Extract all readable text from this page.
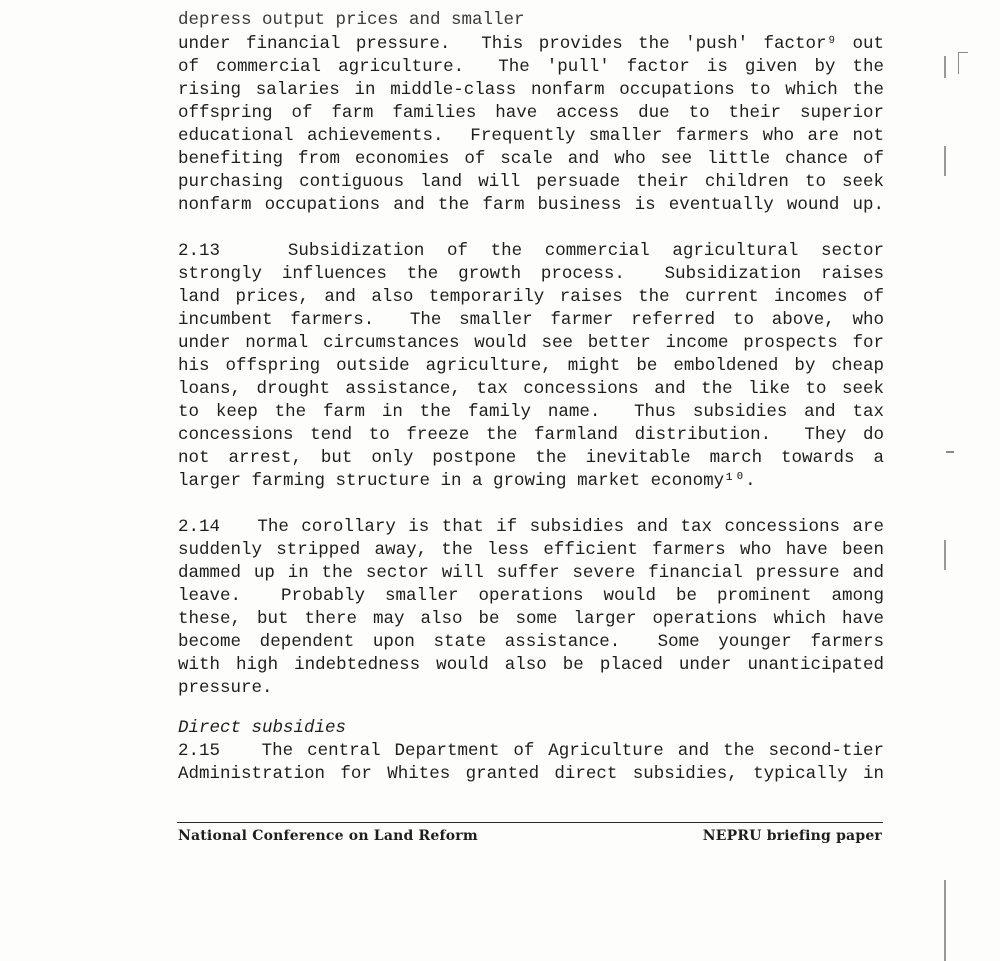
depress output prices and smaller
under financial pressure.  This provides the 'push' factor⁹ out
of commercial agriculture.  The 'pull' factor is given by the
rising salaries in middle-class nonfarm occupations to which the
offspring of farm families have access due to their superior
educational achievements.  Frequently smaller farmers who are not
benefiting from economies of scale and who see little chance of
purchasing contiguous land will persuade their children to seek
nonfarm occupations and the farm business is eventually wound up.
2.13   Subsidization of the commercial agricultural sector
strongly influences the growth process.  Subsidization raises
land prices, and also temporarily raises the current incomes of
incumbent farmers.  The smaller farmer referred to above, who
under normal circumstances would see better income prospects for
his offspring outside agriculture, might be emboldened by cheap
loans, drought assistance, tax concessions and the like to seek
to keep the farm in the family name.  Thus subsidies and tax
concessions tend to freeze the farmland distribution.  They do
not arrest, but only postpone the inevitable march towards a
larger farming structure in a growing market economy¹⁰.
2.14   The corollary is that if subsidies and tax concessions are
suddenly stripped away, the less efficient farmers who have been
dammed up in the sector will suffer severe financial pressure and
leave.  Probably smaller operations would be prominent among
these, but there may also be some larger operations which have
become dependent upon state assistance.  Some younger farmers
with high indebtedness would also be placed under unanticipated
pressure.
Direct subsidies
2.15   The central Department of Agriculture and the second-tier
Administration for Whites granted direct subsidies, typically in
National Conference on Land Reform	NEPRU briefing paper
